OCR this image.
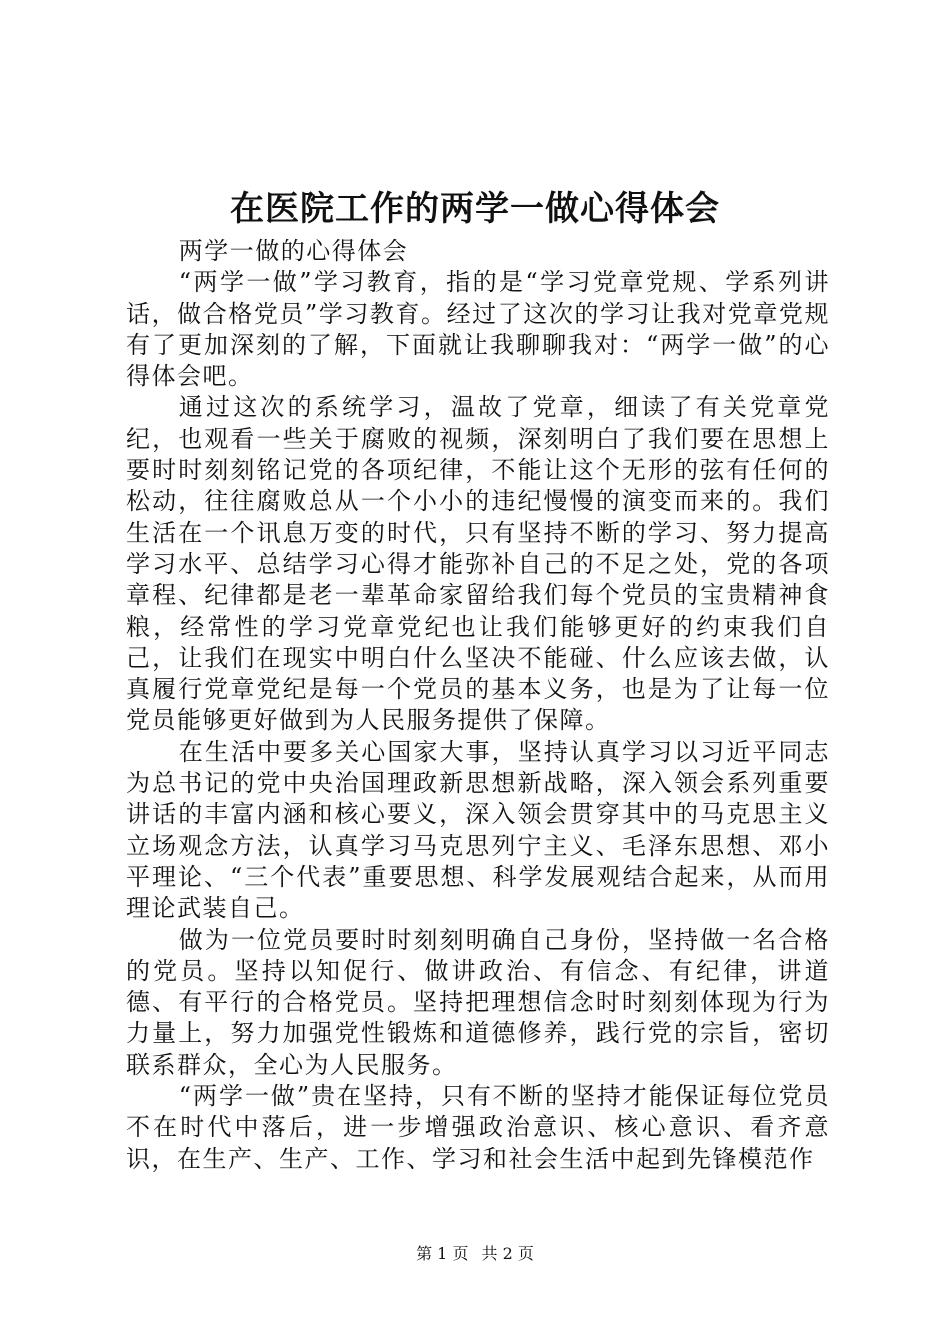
在医院工作的两学一做心得体会

两学一做的心得体会

“两学一做”学习教育，指的是“学习党章党规、学系列讲话，做合格党员”学习教育。经过了这次的学习让我对党章党规有了更加深刻的了解，下面就让我聊聊我对：“两学一做”的心得体会吧。

通过这次的系统学习，温故了党章，细读了有关党章党纪，也观看一些关于腐败的视频，深刻明白了我们要在思想上要时时刻刻铭记党的各项纪律，不能让这个无形的弦有任何的松动，往往腐败总从一个小小的违纪慢慢的演变而来的。我们生活在一个讯息万变的时代，只有坚持不断的学习、努力提高学习水平、总结学习心得才能弥补自己的不足之处，党的各项章程、纪律都是老一辈革命家留给我们每个党员的宝贵精神食粮，经常性的学习党章党纪也让我们能够更好的约束我们自己，让我们在现实中明白什么坚决不能碰、什么应该去做，认真履行党章党纪是每一个党员的基本义务，也是为了让每一位党员能够更好做到为人民服务提供了保障。

在生活中要多关心国家大事，坚持认真学习以习近平同志为总书记的党中央治国理政新思想新战略，深入领会系列重要讲话的丰富内涵和核心要义，深入领会贯穿其中的马克思主义立场观念方法，认真学习马克思列宁主义、毛泽东思想、邓小平理论、“三个代表”重要思想、科学发展观结合起来，从而用理论武装自己。

做为一位党员要时时刻刻明确自己身份，坚持做一名合格的党员。坚持以知促行、做讲政治、有信念、有纪律，讲道德、有平行的合格党员。坚持把理想信念时时刻刻体现为行为力量上，努力加强党性锻炼和道德修养，践行党的宗旨，密切联系群众，全心为人民服务。

“两学一做”贵在坚持，只有不断的坚持才能保证每位党员不在时代中落后，进一步增强政治意识、核心意识、看齐意识，在生产、生产、工作、学习和社会生活中起到先锋模范作

第 1 页 共 2 页
